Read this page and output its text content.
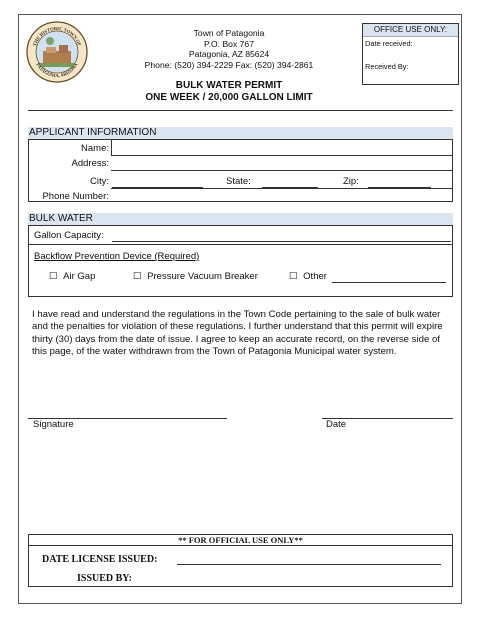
THE HISTORIC TOWN OF
PATAGONIA, ARIZONA
Town of Patagonia
P.O. Box 767
Patagonia, AZ 85624
Phone: (520) 394-2229 Fax: (520) 394-2861
BULK WATER PERMIT
ONE WEEK / 20,000 GALLON LIMIT
OFFICE USE ONLY:
Date received:
Received By:
APPLICANT INFORMATION
Name:
Address:
City:	State:	Zip:
Phone Number:
BULK WATER
Gallon Capacity:
Backflow Prevention Device (Required)
☐ Air Gap	☐ Pressure Vacuum Breaker	☐ Other
I have read and understand the regulations in the Town Code pertaining to the sale of bulk water and the penalties for violation of these regulations. I further understand that this permit will expire thirty (30) days from the date of issue. I agree to keep an accurate record, on the reverse side of this page, of the water withdrawn from the Town of Patagonia Municipal water system.
Signature	Date
** FOR OFFICIAL USE ONLY**
DATE LICENSE ISSUED:
ISSUED BY:
